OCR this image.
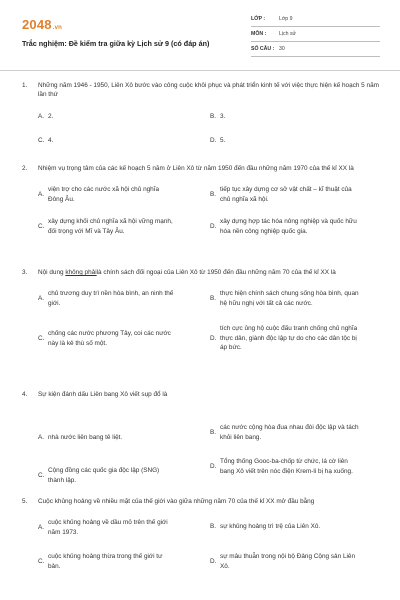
2048.vn
Trắc nghiệm: Đề kiểm tra giữa kỳ Lịch sử 9 (có đáp án)
LỚP :	Lớp 9
MÔN :	Lịch sử
SỐ CÂU : 30
1.	Những năm 1946 - 1950, Liên Xô bước vào công cuộc khôi phục và phát triển kinh tế với việc thực hiện kế hoạch 5 năm lần thứ
A. 2.	B. 3.
C. 4.	D. 5.
2.	Nhiệm vụ trọng tâm của các kế hoạch 5 năm ở Liên Xô từ năm 1950 đến đầu những năm 1970 của thế kỉ XX là
A.
viện trợ cho các nước xã hội chủ nghĩa Đông Âu.
B.
tiếp tục xây dựng cơ sở vật chất – kĩ thuật của chủ nghĩa xã hội.
C.
xây dựng khối chủ nghĩa xã hội vững mạnh, đối trọng với Mĩ và Tây Âu.
D.
xây dựng hợp tác hóa nông nghiệp và quốc hữu hóa nền công nghiệp quốc gia.
3.	Nội dung không phảilà chính sách đối ngoại của Liên Xô từ 1950 đến đầu những năm 70 của thế kỉ XX là
A.
chủ trương duy trì nền hòa bình, an ninh thế giới.
B.
thực hiện chính sách chung sống hòa bình, quan hệ hữu nghị với tất cả các nước.
C.
chống các nước phương Tây, coi các nước này là kẻ thù số một.
D.
tích cực ủng hộ cuộc đấu tranh chống chủ nghĩa thực dân, giành độc lập tự do cho các dân tộc bị áp bức.
4.	Sự kiện đánh dấu Liên bang Xô viết sụp đổ là
A. nhà nước liên bang tê liệt.
B.
các nước cộng hòa đua nhau đòi độc lập và tách khỏi liên bang.
C.
Cộng đồng các quốc gia độc lập (SNG) thành lập.
D.
Tổng thống Gooc-ba-chốp từ chức, lá cờ liên bang Xô viết trên nóc điện Krem-li bị hạ xuống.
5.	Cuộc khủng hoảng về nhiều mặt của thế giới vào giữa những năm 70 của thế kỉ XX mở đầu bằng
A.
cuộc khủng hoảng về dầu mỏ trên thế giới năm 1973.
B. sự khủng hoảng trì trệ của Liên Xô.
C.
cuộc khủng hoảng thừa trong thế giới tư bản.
D.
sự mâu thuẫn trong nội bộ Đảng Cộng sản Liên Xô.
